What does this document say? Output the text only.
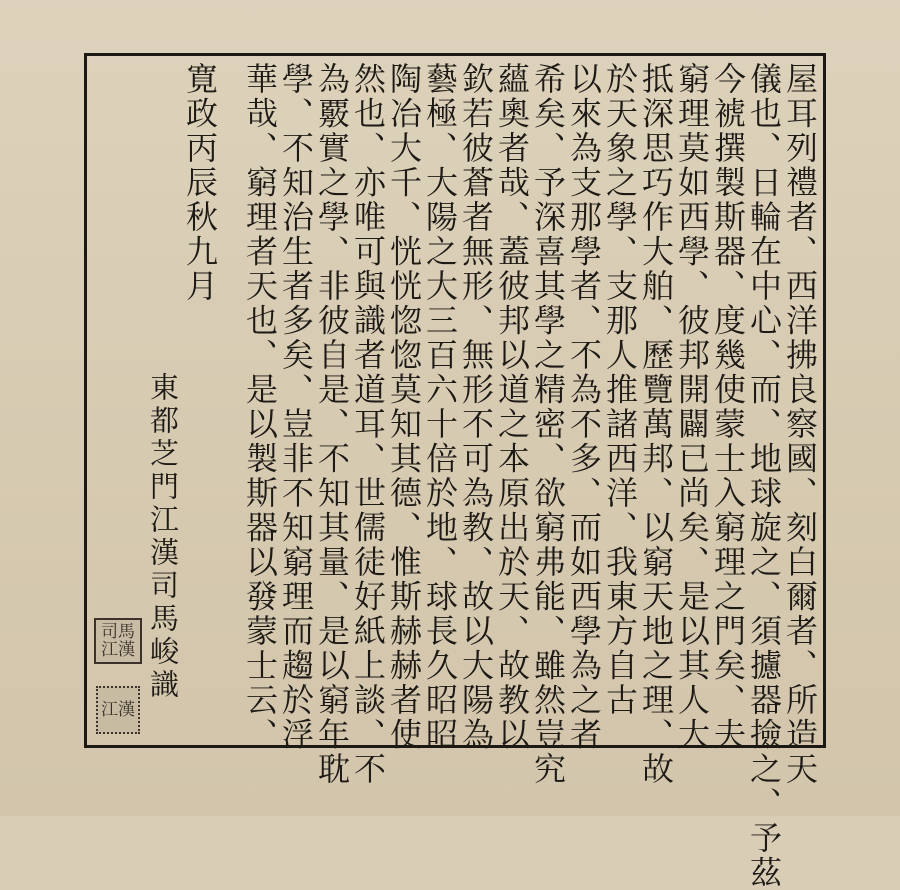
屋耳列禮者、西洋拂良察國、刻白爾者、所造天
儀也、日輪在中心、而、地球旋之、須攄器撿之、予茲
今裭撰製斯器、度幾使蒙士入窮理之門矣、夫
窮理莫如西學、彼邦開闢已尚矣、是以其人大
抵深思巧作大舶、歷覽萬邦、以窮天地之理、故
於天象之學、支那人推諸西洋、我東方自古
以來為支那學者、不為不多、而如西學為之者
希矣、予深喜其學之精密、欲窮弗能、雖然豈究
蘊奧者哉、蓋彼邦以道之本原出於天、故教以
欽若彼蒼者無形、無形不可為教、故以大陽為
藝極、大陽之大三百六十倍於地、球長久昭昭
陶冶大千、恍恍惚惚莫知其德、惟斯赫赫者使
然也、亦唯可與識者道耳、世儒徒好紙上談、不
為覈實之學、非彼自是、不知其量、是以窮年耽
學、不知治生者多矣、豈非不知窮理而趨於浮
華哉、窮理者天也、是以製斯器以發蒙士云、
寛政丙辰秋九月
東都芝門江漢司馬峻識
司馬江漢
江漢
